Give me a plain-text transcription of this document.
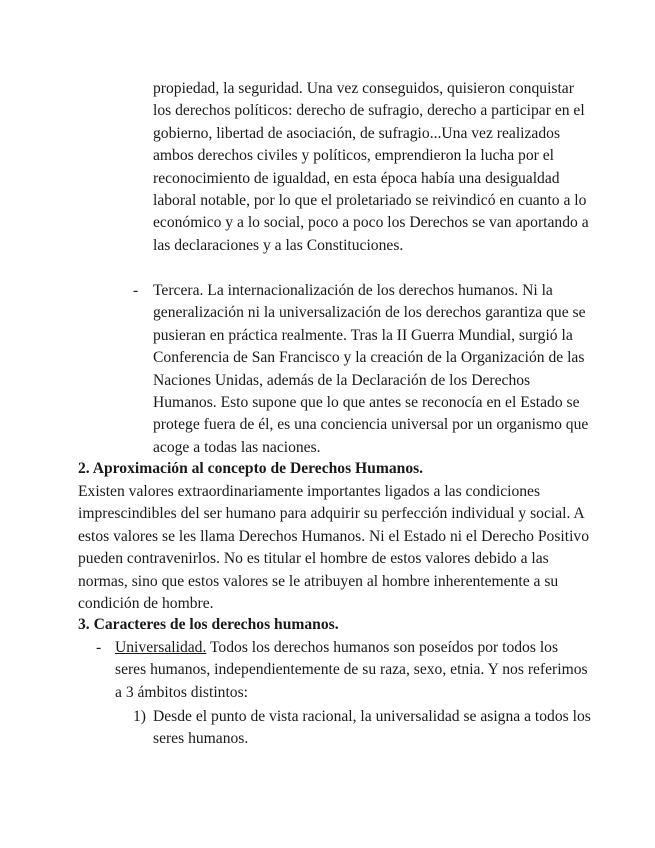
propiedad, la seguridad. Una vez conseguidos, quisieron conquistar los derechos políticos: derecho de sufragio, derecho a participar en el gobierno, libertad de asociación, de sufragio...Una vez realizados ambos derechos civiles y políticos, emprendieron la lucha por el reconocimiento de igualdad, en esta época había una desigualdad laboral notable, por lo que el proletariado se reivindicó en cuanto a lo económico y a lo social, poco a poco los Derechos se van aportando a las declaraciones y a las Constituciones.
- Tercera. La internacionalización de los derechos humanos. Ni la generalización ni la universalización de los derechos garantiza que se pusieran en práctica realmente. Tras la II Guerra Mundial, surgió la Conferencia de San Francisco y la creación de la Organización de las Naciones Unidas, además de la Declaración de los Derechos Humanos. Esto supone que lo que antes se reconocía en el Estado se protege fuera de él, es una conciencia universal por un organismo que acoge a todas las naciones.
2. Aproximación al concepto de Derechos Humanos.
Existen valores extraordinariamente importantes ligados a las condiciones imprescindibles del ser humano para adquirir su perfección individual y social. A estos valores se les llama Derechos Humanos. Ni el Estado ni el Derecho Positivo pueden contravenirlos. No es titular el hombre de estos valores debido a las normas, sino que estos valores se le atribuyen al hombre inherentemente a su condición de hombre.
3. Caracteres de los derechos humanos.
- Universalidad. Todos los derechos humanos son poseídos por todos los seres humanos, independientemente de su raza, sexo, etnia. Y nos referimos a 3 ámbitos distintos:
1) Desde el punto de vista racional, la universalidad se asigna a todos los seres humanos.
